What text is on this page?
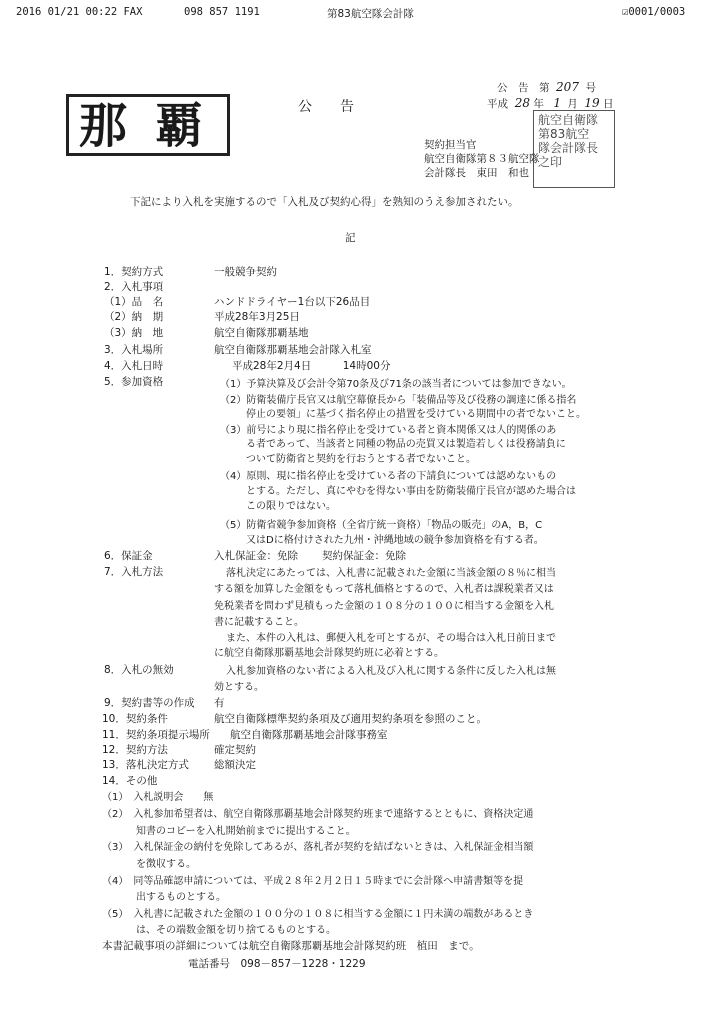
2016 01/21 00:22 FAX	098 857 1191	第83航空隊会計隊	☑0001/0003
那 覇	公　　告
公　告　第 207 号
平成 28 年 1 月 19 日
航空自衛隊
第83航空
隊会計隊長
之印
契約担当官
航空自衛隊第８３航空隊
会計隊長　東田　和也
下記により入札を実施するので「入札及び契約心得」を熟知のうえ参加されたい。
記
1．契約方式	一般競争契約
2．入札事項
（1）品　名	ハンドドライヤー1台以下26品目
（2）納　期	平成28年3月25日
（3）納　地	航空自衛隊那覇基地
3．入札場所	航空自衛隊那覇基地会計隊入札室
4．入札日時	平成28年2月4日　　　14時00分
5．参加資格	（1）予算決算及び会計令第70条及び71条の該当者については参加できない。
（2）防衛装備庁長官又は航空幕僚長から「装備品等及び役務の調達に係る指名
停止の要領」に基づく指名停止の措置を受けている期間中の者でないこと。
（3）前号により現に指名停止を受けている者と資本関係又は人的関係のあ
る者であって、当該者と同種の物品の売買又は製造若しくは役務請負に
ついて防衛省と契約を行おうとする者でないこと。
（4）原則、現に指名停止を受けている者の下請負については認めないもの
とする。ただし、真にやむを得ない事由を防衛装備庁長官が認めた場合は
この限りではない。
（5）防衛省競争参加資格（全省庁統一資格）「物品の販売」のA，B，C
又はDに格付けされた九州・沖縄地域の競争参加資格を有する者。
6．保証金	入札保証金：免除 契約保証金：免除
7．入札方法	落札決定にあたっては、入札書に記載された金額に当該金額の８％に相当
する額を加算した金額をもって落札価格とするので、入札者は課税業者又は
免税業者を問わず見積もった金額の１０８分の１００に相当する金額を入札
書に記載すること。
また、本件の入札は、郵便入札を可とするが、その場合は入札日前日まで
に航空自衛隊那覇基地会計隊契約班に必着とする。
8．入札の無効	入札参加資格のない者による入札及び入札に関する条件に反した入札は無
効とする。
9．契約書等の作成 有
10．契約条件	航空自衛隊標準契約条項及び適用契約条項を参照のこと。
11．契約条項提示場所 航空自衛隊那覇基地会計隊事務室
12．契約方法	確定契約
13．落札決定方式 総額決定
14．その他
（1）　入札説明会　　無
（2）　入札参加希望者は、航空自衛隊那覇基地会計隊契約班まで連絡するとともに、資格決定通
知書のコピーを入札開始前までに提出すること。
（3）　入札保証金の納付を免除してあるが、落札者が契約を結ばないときは、入札保証金相当額
を徴収する。
（4）　同等品確認申請については、平成２８年２月２日１５時までに会計隊へ申請書類等を提
出するものとする。
（5）　入札書に記載された金額の１００分の１０８に相当する金額に１円未満の端数があるとき
は、その端数金額を切り捨てるものとする。
本書記載事項の詳細については航空自衛隊那覇基地会計隊契約班　植田　まで。
電話番号　098－857－1228・1229
